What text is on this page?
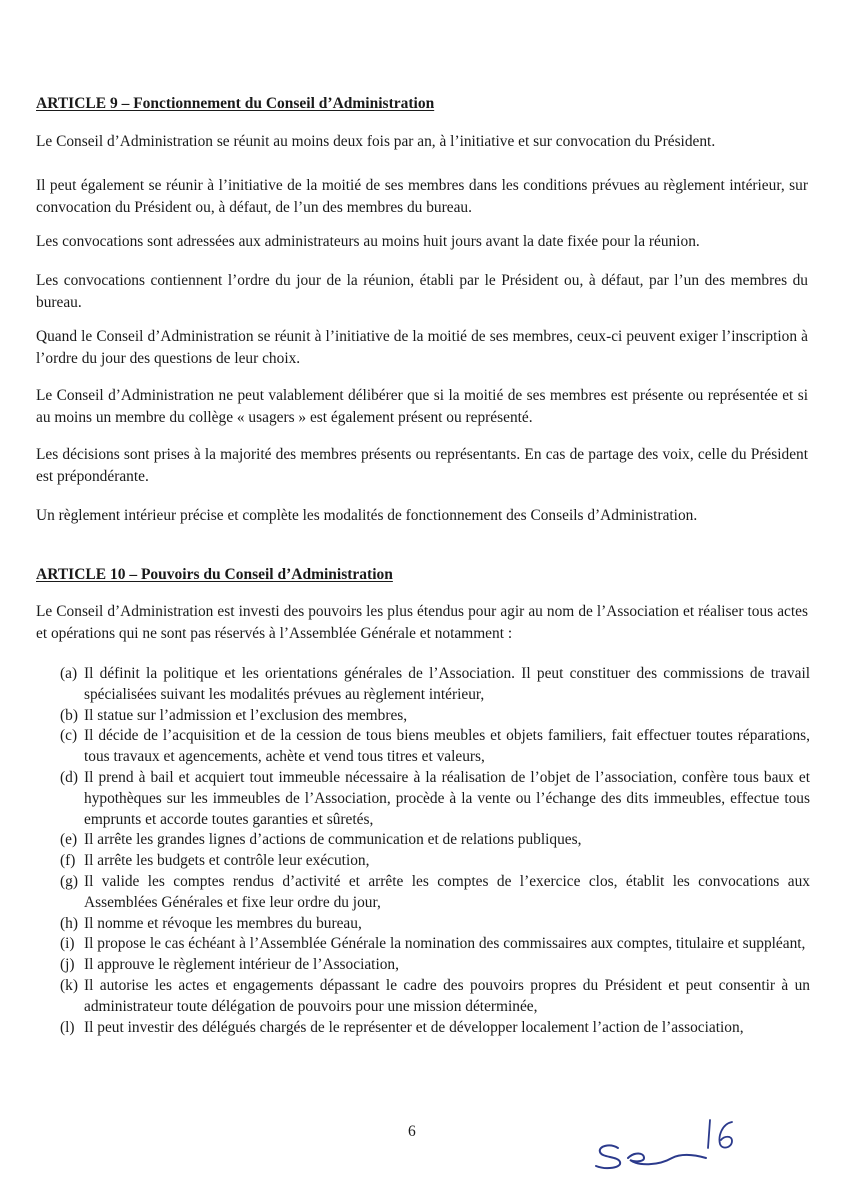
ARTICLE 9 – Fonctionnement du Conseil d’Administration
Le Conseil d’Administration se réunit au moins deux fois par an, à l’initiative et sur convocation du Président.
Il peut également se réunir à l’initiative de la moitié de ses membres dans les conditions prévues au règlement intérieur, sur convocation du Président ou, à défaut, de l’un des membres du bureau.
Les convocations sont adressées aux administrateurs au moins huit jours avant la date fixée pour la réunion.
Les convocations contiennent l’ordre du jour de la réunion, établi par le Président ou, à défaut, par l’un des membres du bureau.
Quand le Conseil d’Administration se réunit à l’initiative de la moitié de ses membres, ceux-ci peuvent exiger l’inscription à l’ordre du jour des questions de leur choix.
Le Conseil d’Administration ne peut valablement délibérer que si la moitié de ses membres est présente ou représentée et si au moins un membre du collège « usagers » est également présent ou représenté.
Les décisions sont prises à la majorité des membres présents ou représentants. En cas de partage des voix, celle du Président est prépondérante.
Un règlement intérieur précise et complète les modalités de fonctionnement des Conseils d’Administration.
ARTICLE 10 – Pouvoirs du Conseil d’Administration
Le Conseil d’Administration est investi des pouvoirs les plus étendus pour agir au nom de l’Association et réaliser tous actes et opérations qui ne sont pas réservés à l’Assemblée Générale et notamment :
(a) Il définit la politique et les orientations générales de l’Association. Il peut constituer des commissions de travail spécialisées suivant les modalités prévues au règlement intérieur,
(b) Il statue sur l’admission et l’exclusion des membres,
(c) Il décide de l’acquisition et de la cession de tous biens meubles et objets familiers, fait effectuer toutes réparations, tous travaux et agencements, achète et vend tous titres et valeurs,
(d) Il prend à bail et acquiert tout immeuble nécessaire à la réalisation de l’objet de l’association, confère tous baux et hypothèques sur les immeubles de l’Association, procède à la vente ou l’échange des dits immeubles, effectue tous emprunts et accorde toutes garanties et sûretés,
(e) Il arrête les grandes lignes d’actions de communication et de relations publiques,
(f) Il arrête les budgets et contrôle leur exécution,
(g) Il valide les comptes rendus d’activité et arrête les comptes de l’exercice clos, établit les convocations aux Assemblées Générales et fixe leur ordre du jour,
(h) Il nomme et révoque les membres du bureau,
(i) Il propose le cas échéant à l’Assemblée Générale la nomination des commissaires aux comptes, titulaire et suppléant,
(j) Il approuve le règlement intérieur de l’Association,
(k) Il autorise les actes et engagements dépassant le cadre des pouvoirs propres du Président et peut consentir à un administrateur toute délégation de pouvoirs pour une mission déterminée,
(l) Il peut investir des délégués chargés de le représenter et de développer localement l’action de l’association,
6
